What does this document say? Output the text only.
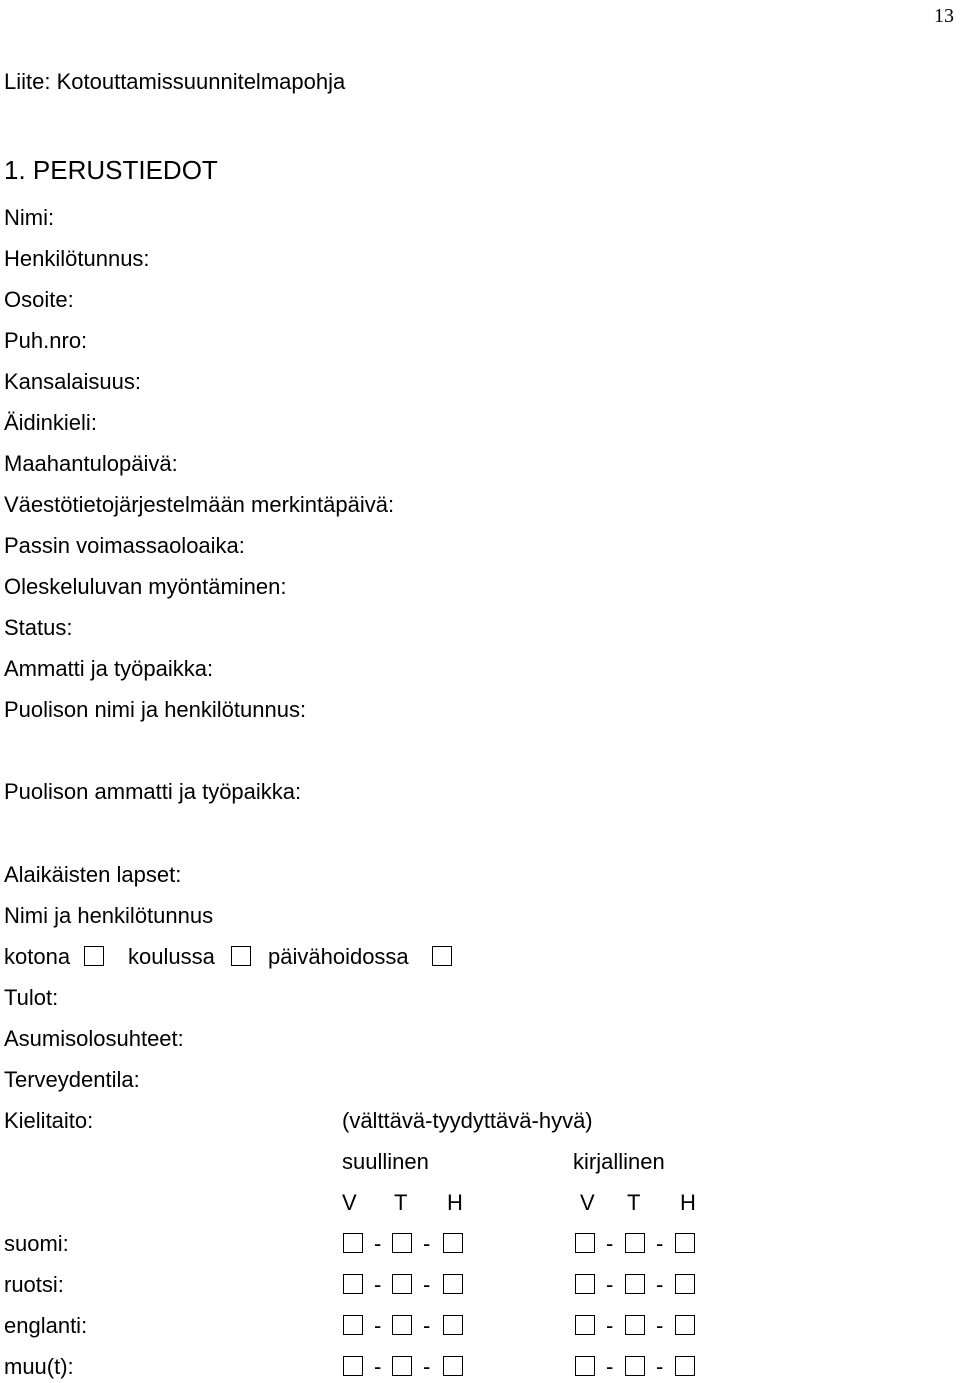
13
Liite: Kotouttamissuunnitelmapohja
1. PERUSTIEDOT
Nimi:
Henkilötunnus:
Osoite:
Puh.nro:
Kansalaisuus:
Äidinkieli:
Maahantulopäivä:
Väestötietojärjestelmään merkintäpäivä:
Passin voimassaoloaika:
Oleskeluluvan myöntäminen:
Status:
Ammatti ja työpaikka:
Puolison nimi ja henkilötunnus:
Puolison ammatti ja työpaikka:
Alaikäisten lapset:
Nimi ja henkilötunnus
kotona	koulussa päivähoidossa
Tulot:
Asumisolosuhteet:
Terveydentila:
Kielitaito:	(välttävä-tyydyttävä-hyvä)
suullinen	kirjallinen
V T H	V T H
suomi:	- -	- -
ruotsi:	- -	- -
englanti:	- -	- -
muu(t):	- -	- -
